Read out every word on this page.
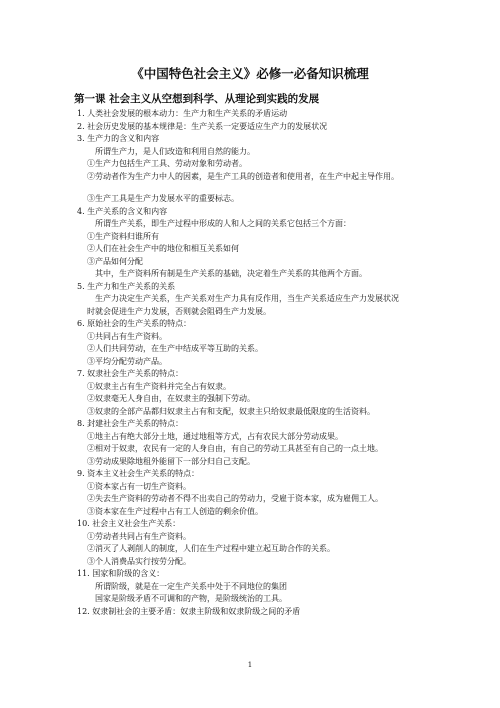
《中国特色社会主义》必修一必备知识梳理
第一课 社会主义从空想到科学、从理论到实践的发展
1. 人类社会发展的根本动力：生产力和生产关系的矛盾运动
2. 社会历史发展的基本规律是：生产关系一定要适应生产力的发展状况
3. 生产力的含义和内容
所谓生产力，是人们改造和利用自然的能力。
①生产力包括生产工具、劳动对象和劳动者。
②劳动者作为生产力中人的因素，是生产工具的创造者和使用者，在生产中起主导作用。
③生产工具是生产力发展水平的重要标志。
4. 生产关系的含义和内容
所谓生产关系，即生产过程中形成的人和人之间的关系它包括三个方面：
①生产资料归谁所有
②人们在社会生产中的地位和相互关系如何
③产品如何分配
其中，生产资料所有制是生产关系的基础，决定着生产关系的其他两个方面。
5. 生产力和生产关系的关系
生产力决定生产关系，生产关系对生产力具有反作用，当生产关系适应生产力发展状况
时就会促进生产力发展，否则就会阻碍生产力发展。
6. 原始社会的生产关系的特点：
①共同占有生产资料。
②人们共同劳动，在生产中结成平等互助的关系。
③平均分配劳动产品。
7. 奴隶社会生产关系的特点：
①奴隶主占有生产资料并完全占有奴隶。
②奴隶毫无人身自由，在奴隶主的强制下劳动。
③奴隶的全部产品都归奴隶主占有和支配，奴隶主只给奴隶最低限度的生活资料。
8. 封建社会生产关系的特点：
①地主占有绝大部分土地，通过地租等方式，占有农民大部分劳动成果。
②相对于奴隶，农民有一定的人身自由，有自己的劳动工具甚至有自己的一点土地。
③劳动成果除地租外能留下一部分归自己支配。
9. 资本主义社会生产关系的特点：
①资本家占有一切生产资料。
②失去生产资料的劳动者不得不出卖自己的劳动力，受雇于资本家，成为雇佣工人。
③资本家在生产过程中占有工人创造的剩余价值。
10. 社会主义社会生产关系：
①劳动者共同占有生产资料。
②消灭了人剥削人的制度，人们在生产过程中建立起互助合作的关系。
③个人消费品实行按劳分配。
11. 国家和阶级的含义：
所谓阶级，就是在一定生产关系中处于不同地位的集团
国家是阶级矛盾不可调和的产物，是阶级统治的工具。
12. 奴隶制社会的主要矛盾：奴隶主阶级和奴隶阶级之间的矛盾
1
